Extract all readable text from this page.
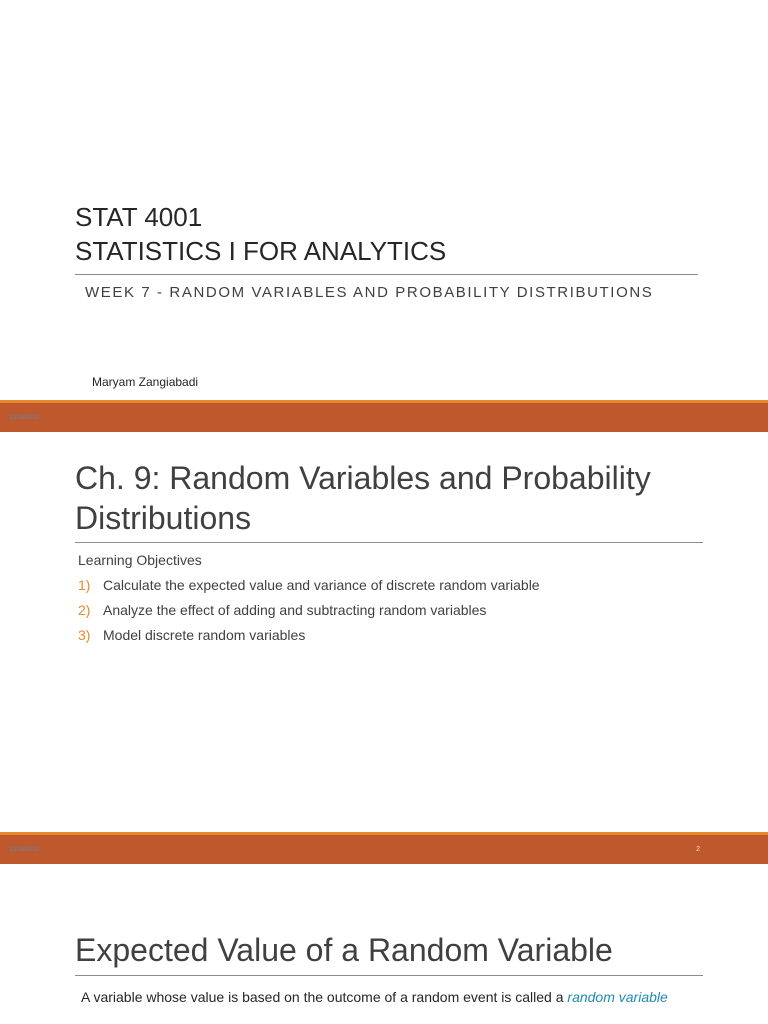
STAT 4001
STATISTICS I FOR ANALYTICS
WEEK 7 - RANDOM VARIABLES AND PROBABILITY DISTRIBUTIONS
Maryam Zangiabadi
10/19/2020
Ch. 9: Random Variables and Probability Distributions
Learning Objectives
1) Calculate the expected value and variance of discrete random variable
2) Analyze the effect of adding and subtracting random variables
3) Model discrete random variables
10/19/2020	2
Expected Value of a Random Variable
A variable whose value is based on the outcome of a random event is called a random variable
